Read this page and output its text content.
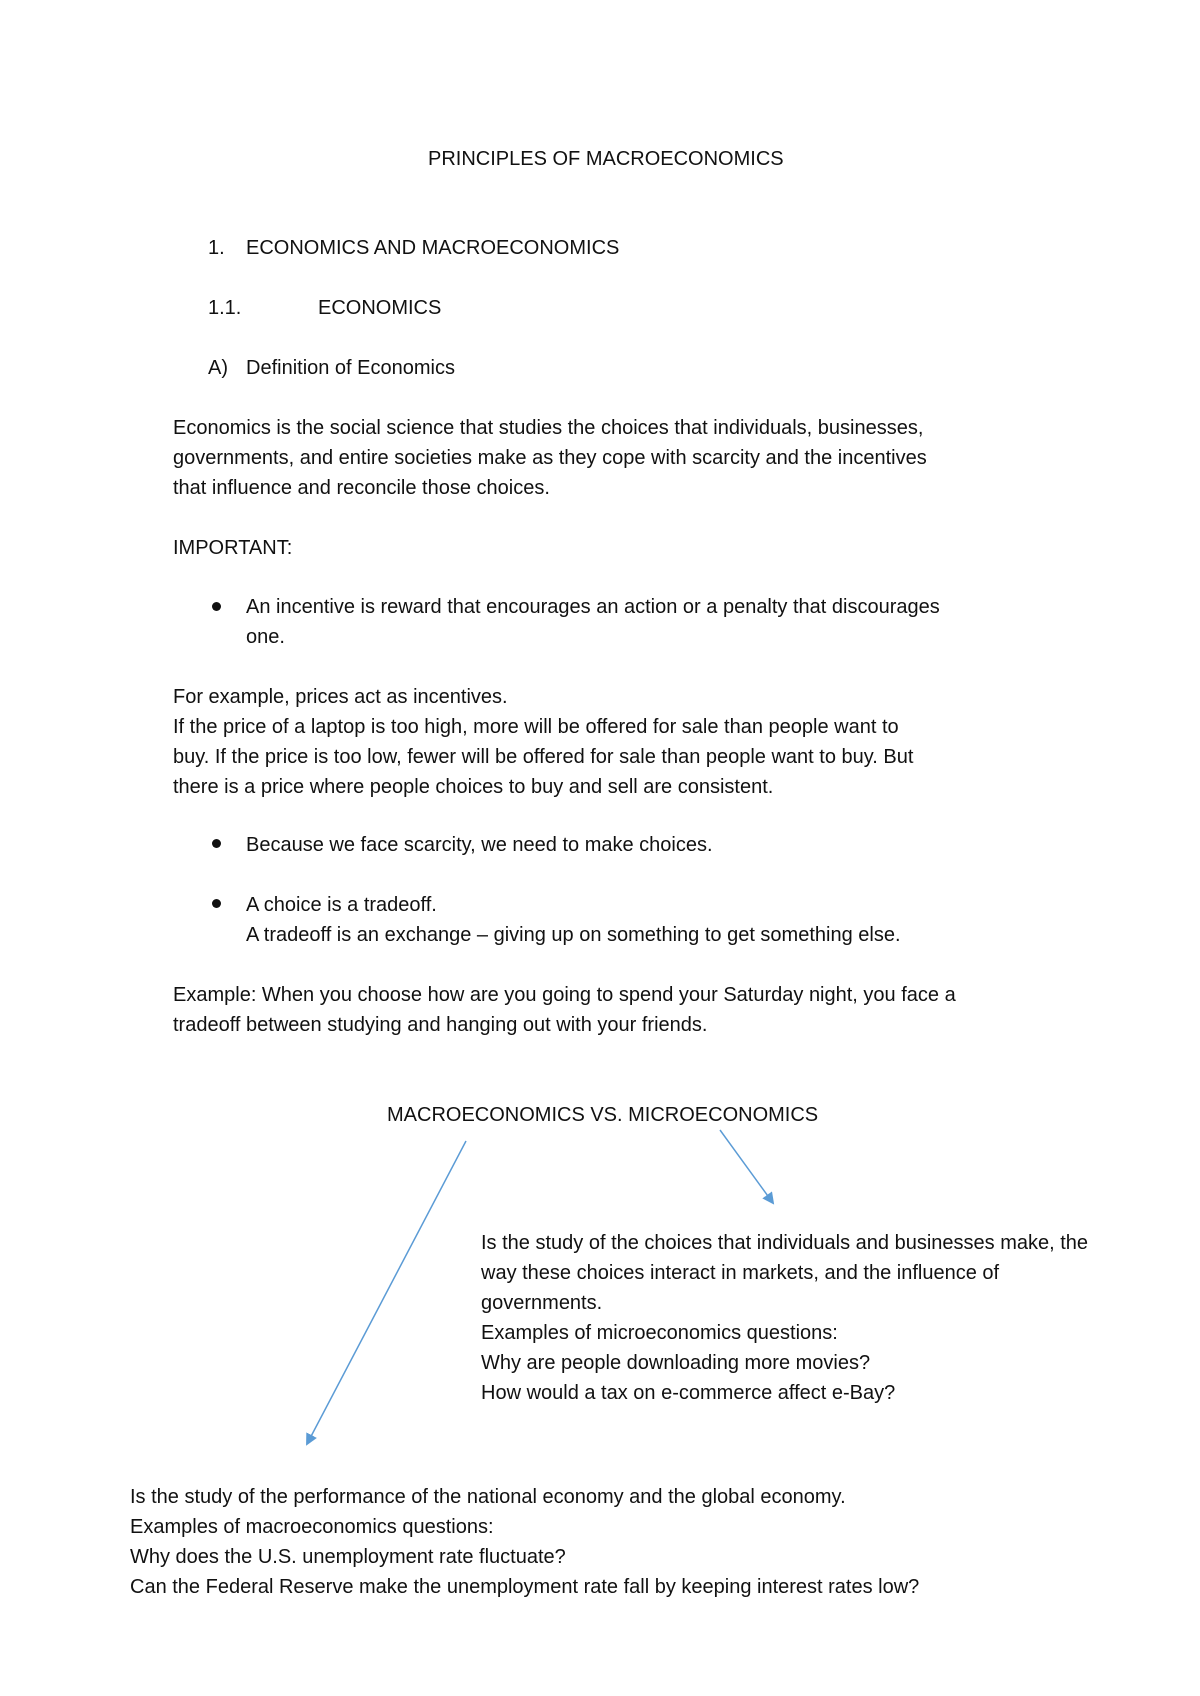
PRINCIPLES OF MACROECONOMICS
1. ECONOMICS AND MACROECONOMICS
1.1.	ECONOMICS
A) Definition of Economics
Economics is the social science that studies the choices that individuals, businesses,
governments, and entire societies make as they cope with scarcity and the incentives
that influence and reconcile those choices.
IMPORTANT:
An incentive is reward that encourages an action or a penalty that discourages
one.
For example, prices act as incentives.
If the price of a laptop is too high, more will be offered for sale than people want to
buy. If the price is too low, fewer will be offered for sale than people want to buy. But
there is a price where people choices to buy and sell are consistent.
Because we face scarcity, we need to make choices.
A choice is a tradeoff.
A tradeoff is an exchange – giving up on something to get something else.
Example: When you choose how are you going to spend your Saturday night, you face a
tradeoff between studying and hanging out with your friends.
MACROECONOMICS VS. MICROECONOMICS
Is the study of the choices that individuals and businesses make, the
way these choices interact in markets, and the influence of
governments.
Examples of microeconomics questions:
Why are people downloading more movies?
How would a tax on e-commerce affect e-Bay?
Is the study of the performance of the national economy and the global economy.
Examples of macroeconomics questions:
Why does the U.S. unemployment rate fluctuate?
Can the Federal Reserve make the unemployment rate fall by keeping interest rates low?
